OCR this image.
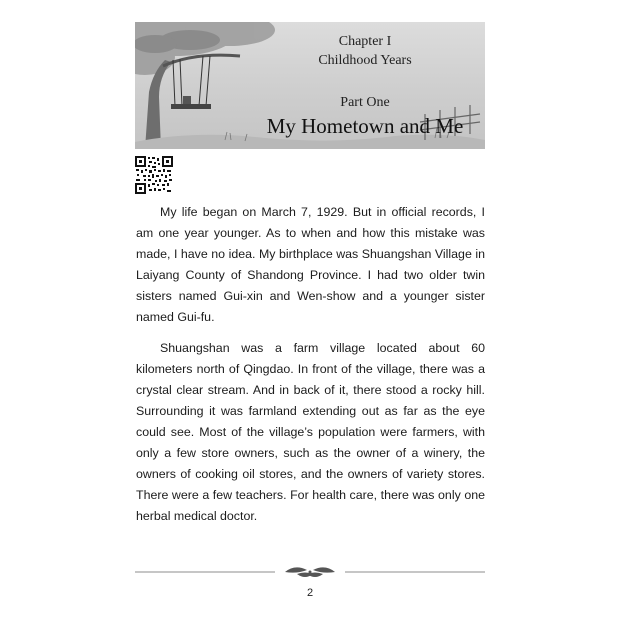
Chapter I
Childhood Years
Part One
My Hometown and Me

My life began on March 7, 1929. But in official records, I am one year younger. As to when and how this mistake was made, I have no idea. My birthplace was Shuangshan Village in Laiyang County of Shandong Province. I had two older twin sisters named Gui-xin and Wen-show and a younger sister named Gui-fu.

Shuangshan was a farm village located about 60 kilometers north of Qingdao. In front of the village, there was a crystal clear stream. And in back of it, there stood a rocky hill. Surrounding it was farmland extending out as far as the eye could see. Most of the village’s population were farmers, with only a few store owners, such as the owner of a winery, the owners of cooking oil stores, and the owners of variety stores. There were a few teachers. For health care, there was only one herbal medical doctor.

2
